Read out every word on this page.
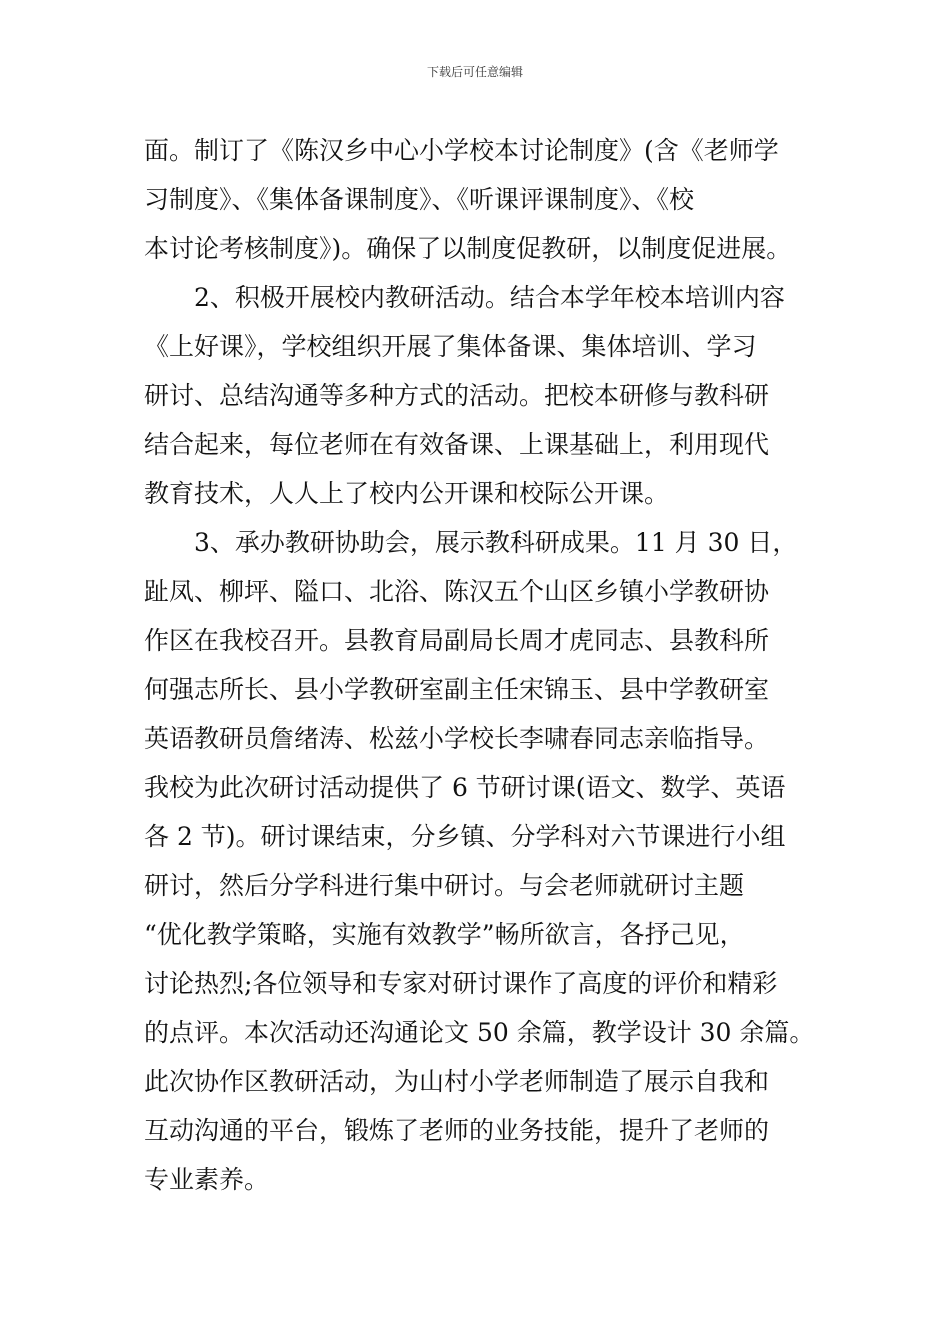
下载后可任意编辑
面。制订了《陈汉乡中心小学校本讨论制度》(含《老师学
习制度》、《集体备课制度》、《听课评课制度》、《校
本讨论考核制度》)。确保了以制度促教研，以制度促进展。
2、积极开展校内教研活动。结合本学年校本培训内容
《上好课》，学校组织开展了集体备课、集体培训、学习
研讨、总结沟通等多种方式的活动。把校本研修与教科研
结合起来，每位老师在有效备课、上课基础上，利用现代
教育技术，人人上了校内公开课和校际公开课。
3、承办教研协助会，展示教科研成果。11 月 30 日，
趾凤、柳坪、隘口、北浴、陈汉五个山区乡镇小学教研协
作区在我校召开。县教育局副局长周才虎同志、县教科所
何强志所长、县小学教研室副主任宋锦玉、县中学教研室
英语教研员詹绪涛、松兹小学校长李啸春同志亲临指导。
我校为此次研讨活动提供了 6 节研讨课(语文、数学、英语
各 2 节)。研讨课结束，分乡镇、分学科对六节课进行小组
研讨，然后分学科进行集中研讨。与会老师就研讨主题
“优化教学策略，实施有效教学”畅所欲言，各抒己见，
讨论热烈;各位领导和专家对研讨课作了高度的评价和精彩
的点评。本次活动还沟通论文 50 余篇，教学设计 30 余篇。
此次协作区教研活动，为山村小学老师制造了展示自我和
互动沟通的平台，锻炼了老师的业务技能，提升了老师的
专业素养。
